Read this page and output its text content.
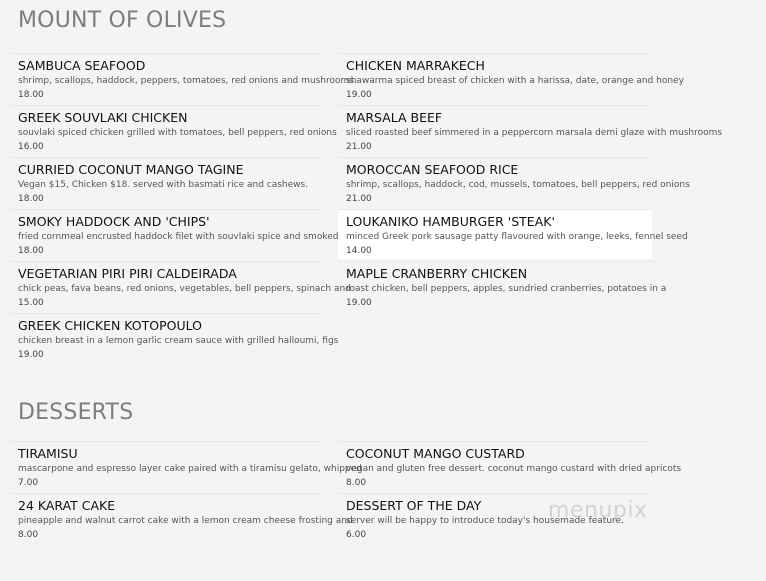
MOUNT OF OLIVES
SAMBUCA SEAFOOD
shrimp, scallops, haddock, peppers, tomatoes, red onions and mushrooms
18.00
GREEK SOUVLAKI CHICKEN
souvlaki spiced chicken grilled with tomatoes, bell peppers, red onions
16.00
CURRIED COCONUT MANGO TAGINE
Vegan $15, Chicken $18. served with basmati rice and cashews.
18.00
SMOKY HADDOCK AND 'CHIPS'
fried cornmeal encrusted haddock filet with souvlaki spice and smoked
18.00
VEGETARIAN PIRI PIRI CALDEIRADA
chick peas, fava beans, red onions, vegetables, bell peppers, spinach and
15.00
GREEK CHICKEN KOTOPOULO
chicken breast in a lemon garlic cream sauce with grilled halloumi, figs
19.00
CHICKEN MARRAKECH
shawarma spiced breast of chicken with a harissa, date, orange and honey
19.00
MARSALA BEEF
sliced roasted beef simmered in a peppercorn marsala demi glaze with mushrooms
21.00
MOROCCAN SEAFOOD RICE
shrimp, scallops, haddock, cod, mussels, tomatoes, bell peppers, red onions
21.00
LOUKANIKO HAMBURGER 'STEAK'
minced Greek pork sausage patty flavoured with orange, leeks, fennel seed
14.00
MAPLE CRANBERRY CHICKEN
roast chicken, bell peppers, apples, sundried cranberries, potatoes in a
19.00
DESSERTS
TIRAMISU
mascarpone and espresso layer cake paired with a tiramisu gelato, whipped
7.00
24 KARAT CAKE
pineapple and walnut carrot cake with a lemon cream cheese frosting and
8.00
COCONUT MANGO CUSTARD
vegan and gluten free dessert. coconut mango custard with dried apricots
8.00
DESSERT OF THE DAY
server will be happy to introduce today's housemade feature.
6.00
menupix
